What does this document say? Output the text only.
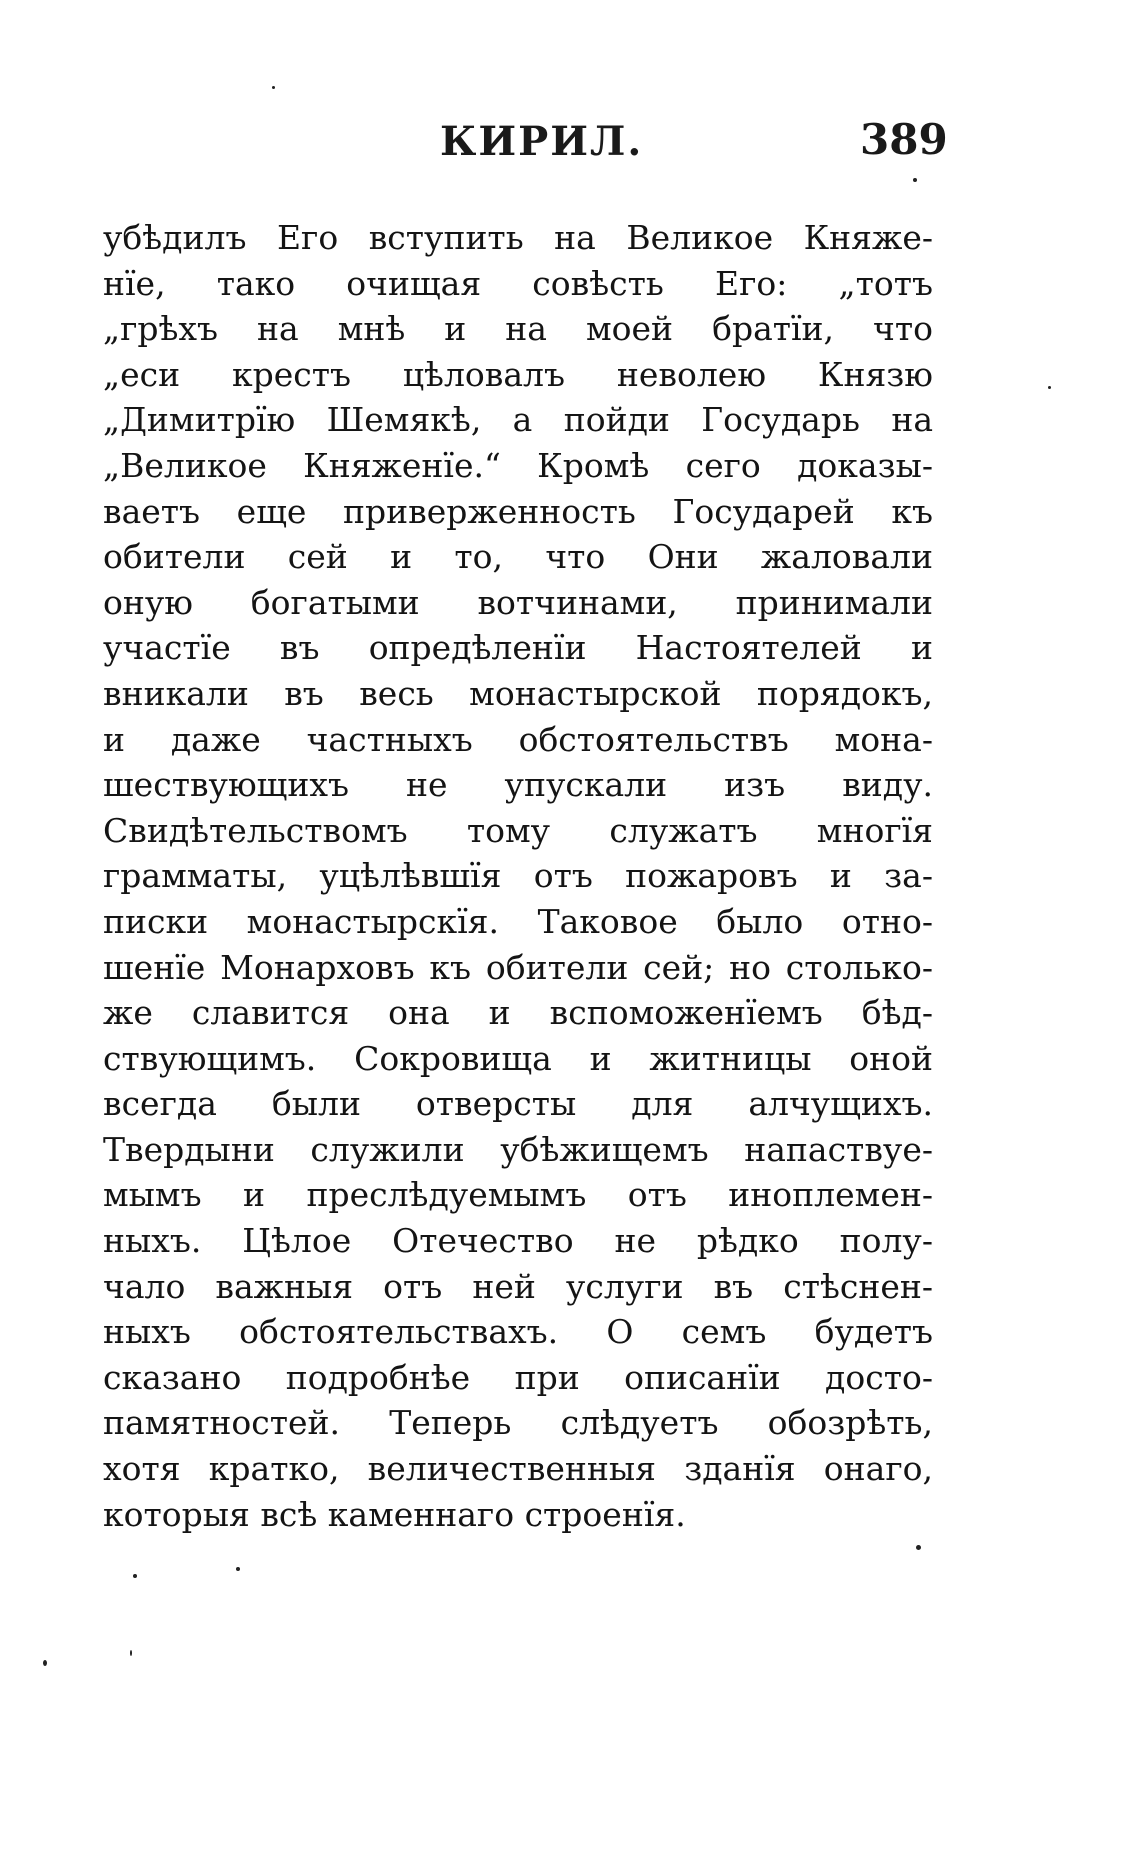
КИРИЛ.	389
убѣдилъ Его вступить на Великое Княже-
нїе, тако очищая совѣсть Его: „тотъ
„грѣхъ на мнѣ и на моей братїи, что
„еси крестъ цѣловалъ неволею Князю
„Димитрїю Шемякѣ, а пойди Государь на
„Великое Княженїе.“ Кромѣ сего доказы-
ваетъ еще приверженность Государей къ
обители сей и то, что Они жаловали
оную богатыми вотчинами, принимали
участїе въ опредѣленїи Настоятелей и
вникали въ весь монастырской порядокъ,
и даже частныхъ обстоятельствъ мона-
шествующихъ не упускали изъ виду.
Свидѣтельствомъ тому служатъ многїя
грамматы, уцѣлѣвшїя отъ пожаровъ и за-
писки монастырскїя. Таковое было отно-
шенїе Монарховъ къ обители сей; но столько-
же славится она и вспоможенїемъ бѣд-
ствующимъ. Сокровища и житницы оной
всегда были отверсты для алчущихъ.
Твердыни служили убѣжищемъ напаствуе-
мымъ и преслѣдуемымъ отъ иноплемен-
ныхъ. Цѣлое Отечество не рѣдко полу-
чало важныя отъ ней услуги въ стѣснен-
ныхъ обстоятельствахъ. О семъ будетъ
сказано подробнѣе при описанїи досто-
памятностей. Теперь слѣдуетъ обозрѣть,
хотя кратко, величественныя зданїя онаго,
которыя всѣ каменнаго строенїя.
